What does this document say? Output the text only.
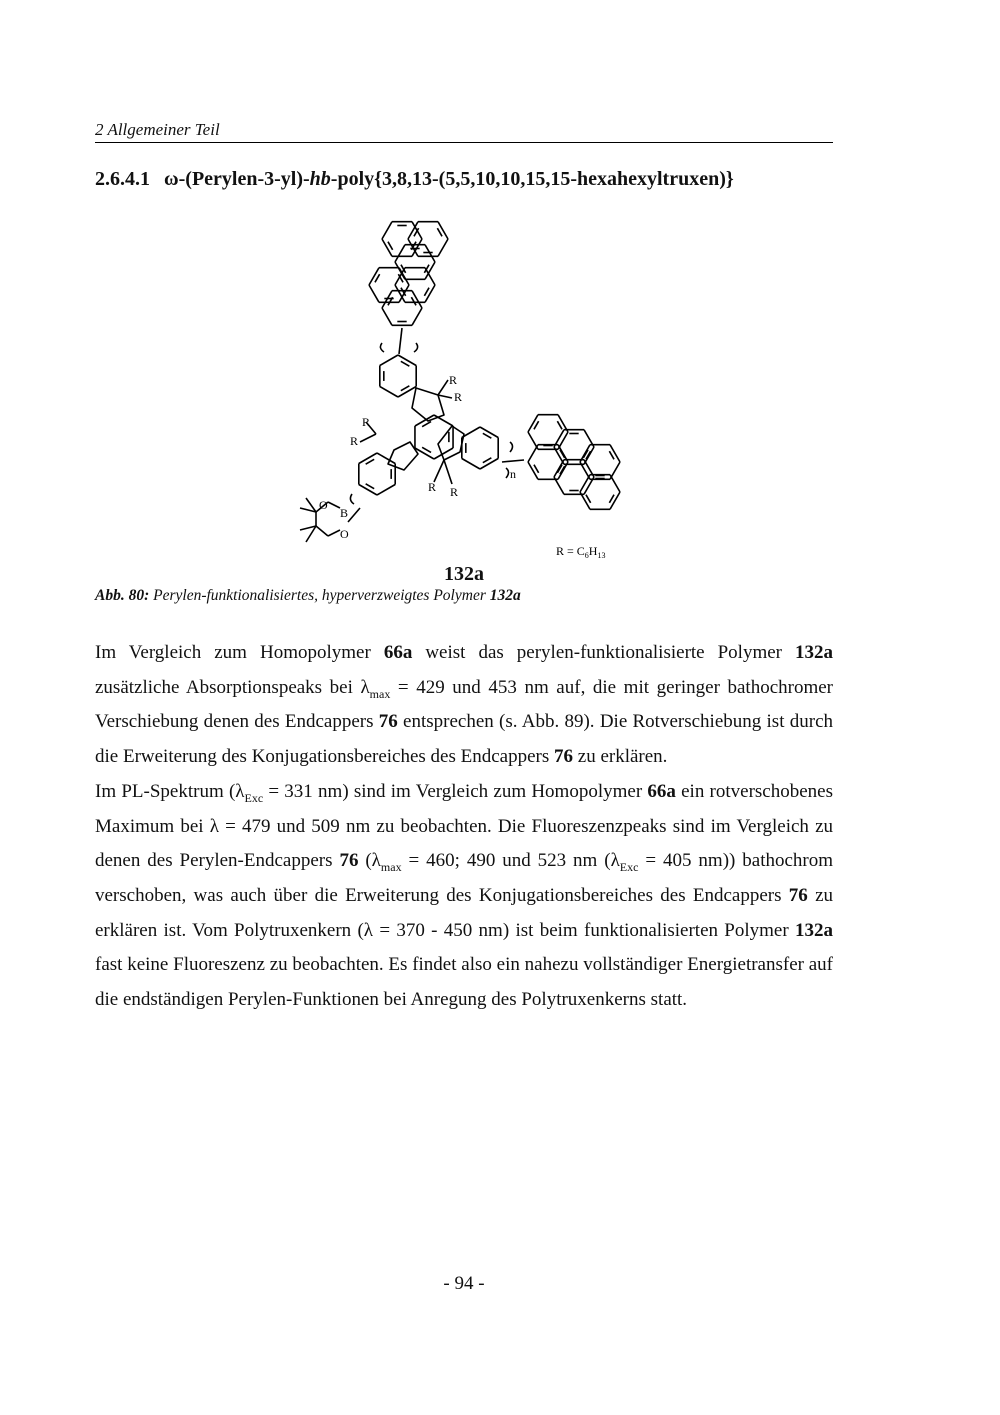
2 Allgemeiner Teil
2.6.4.1 ω-(Perylen-3-yl)-hb-poly{3,8,13-(5,5,10,10,15,15-hexahexyltruxen)}
R
R
R
R
R R
n
O
B
O
$R = C_6H_{13}$
132a
Abb. 80: Perylen-funktionalisiertes, hyperverzweigtes Polymer 132a

Im Vergleich zum Homopolymer 66a weist das perylen-funktionalisierte Polymer 132a zusätzliche Absorptionspeaks bei $\lambda_{max} = 429$ und 453 nm auf, die mit geringer bathochromer Verschiebung denen des Endcappers 76 entsprechen (s. Abb. 89). Die Rotverschiebung ist durch die Erweiterung des Konjugationsbereiches des Endcappers 76 zu erklären.

Im PL-Spektrum ($\lambda_{Exc} = 331$ nm) sind im Vergleich zum Homopolymer 66a ein rotverschobenes Maximum bei λ = 479 und 509 nm zu beobachten. Die Fluoreszenzpeaks sind im Vergleich zu denen des Perylen-Endcappers 76 ($\lambda_{max} = 460$; 490 und 523 nm ($\lambda_{Exc} = 405$ nm)) bathochrom verschoben, was auch über die Erweiterung des Konjugationsbereiches des Endcappers 76 zu erklären ist. Vom Polytruxenkern (λ = 370 - 450 nm) ist beim funktionalisierten Polymer 132a fast keine Fluoreszenz zu beobachten. Es findet also ein nahezu vollständiger Energietransfer auf die endständigen Perylen-Funktionen bei Anregung des Polytruxenkerns statt.

- 94 -
